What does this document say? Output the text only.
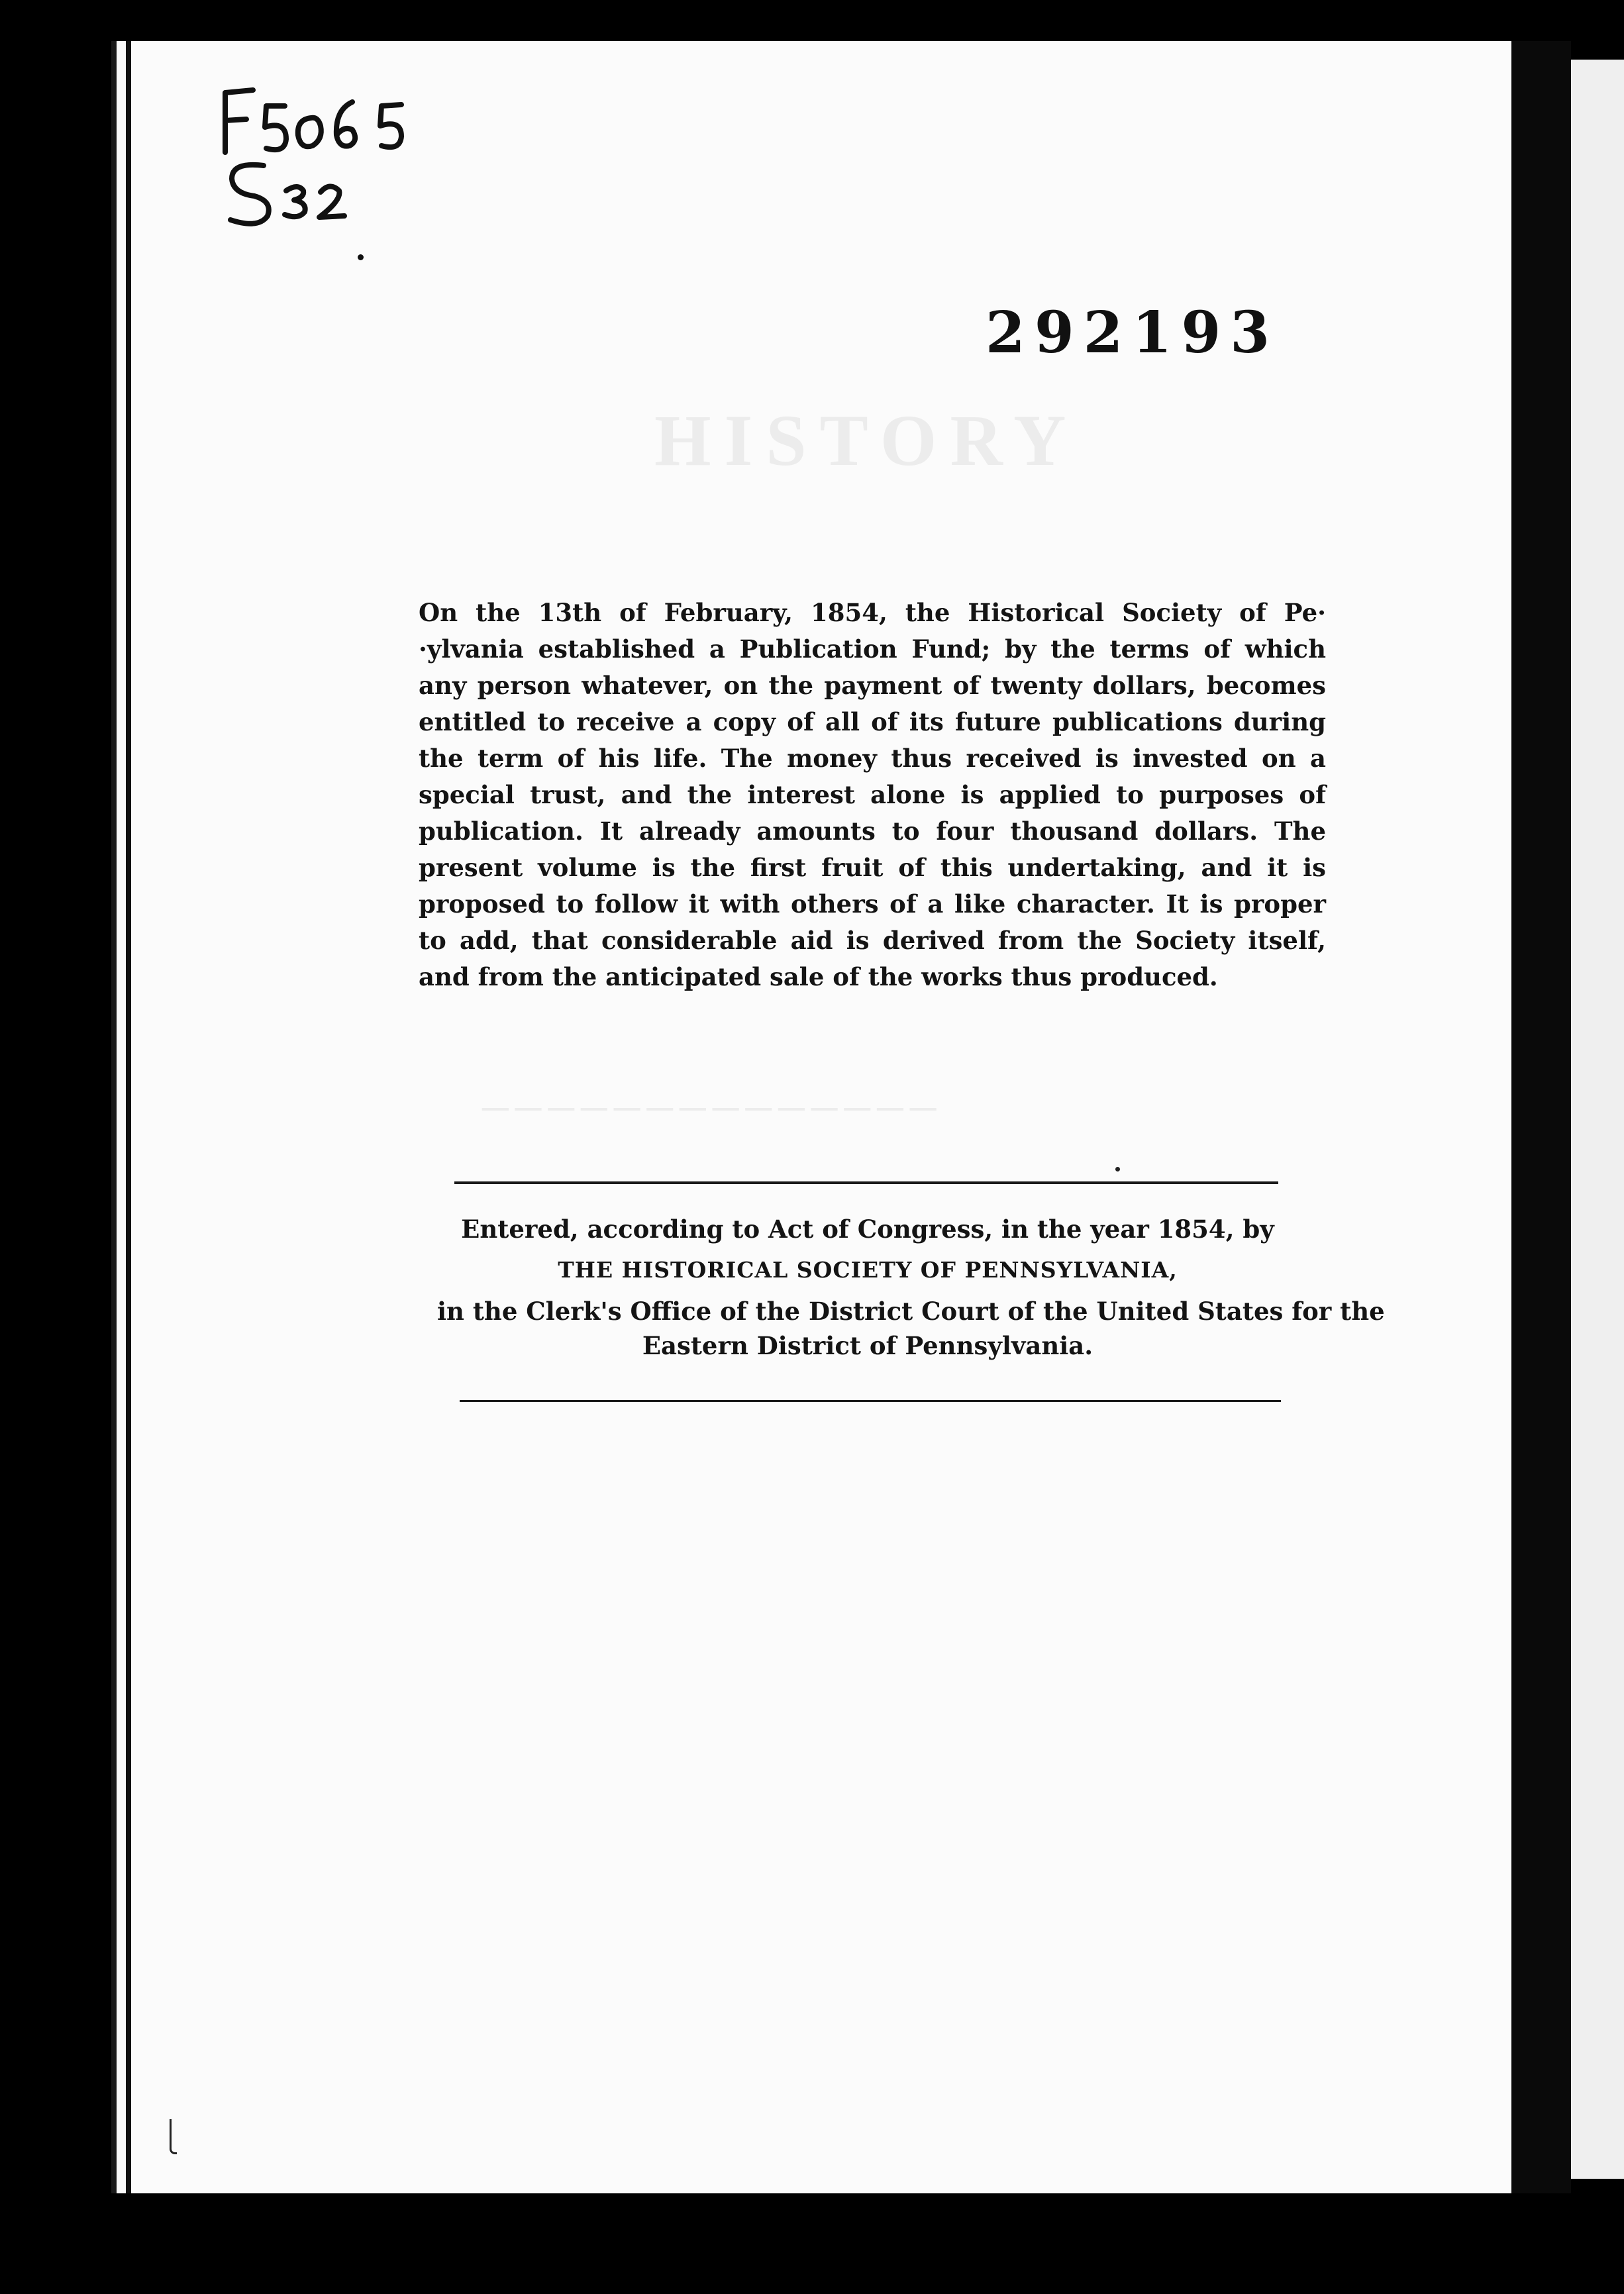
HISTORY
──────────────
292193
On the 13th of February, 1854, the Historical Society of Pe· ·ylvania established a Publication Fund; by the terms of which any person whatever, on the payment of twenty dollars, becomes entitled to receive a copy of all of its future publications during the term of his life. The money thus received is invested on a special trust, and the interest alone is applied to purposes of publication. It already amounts to four thousand dollars. The present volume is the first fruit of this undertaking, and it is proposed to follow it with others of a like character. It is proper to add, that considerable aid is derived from the Society itself, and from the anticipated sale of the works thus produced.
Entered, according to Act of Congress, in the year 1854, by
THE HISTORICAL SOCIETY OF PENNSYLVANIA,
in the Clerk's Office of the District Court of the United States for the
Eastern District of Pennsylvania.
